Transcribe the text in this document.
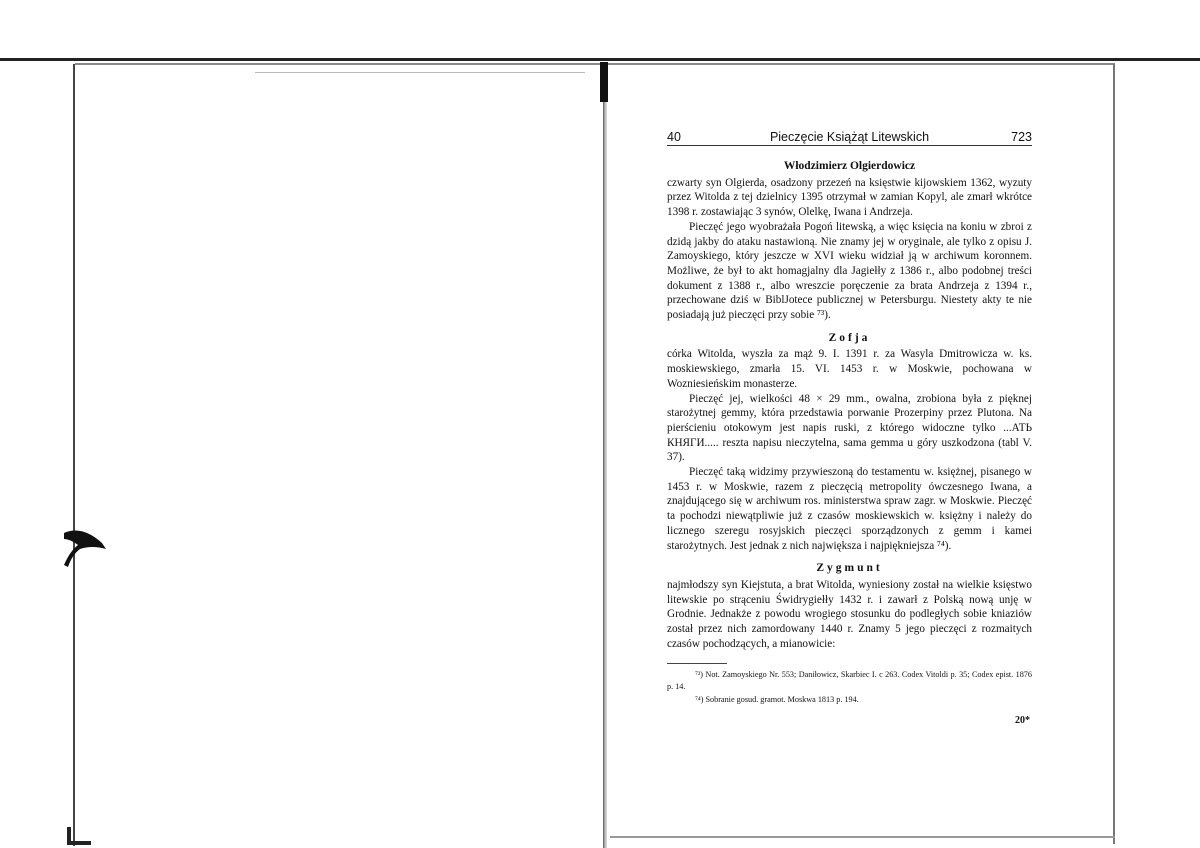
40	Pieczęcie Książąt Litewskich	723
Włodzimierz Olgierdowicz

czwarty syn Olgierda, osadzony przezeń na księstwie kijowskiem 1362, wyzuty przez Witolda z tej dzielnicy 1395 otrzymał w zamian Kopyl, ale zmarł wkrótce 1398 r. zostawiając 3 synów, Olelkę, Iwana i Andrzeja.

Pieczęć jego wyobrażała Pogoń litewską, a więc księcia na koniu w zbroi z dzidą jakby do ataku nastawioną. Nie znamy jej w oryginale, ale tylko z opisu J. Zamoyskiego, który jeszcze w XVI wieku widział ją w archiwum koronnem. Możliwe, że był to akt homagjalny dla Jagiełły z 1386 r., albo podobnej treści dokument z 1388 r., albo wreszcie poręczenie za brata Andrzeja z 1394 r., przechowane dziś w BiblJotece publicznej w Petersburgu. Niestety akty te nie posiadają już pieczęci przy sobie ⁷³).

Zofja

córka Witolda, wyszła za mąż 9. I. 1391 r. za Wasyla Dmitrowicza w. ks. moskiewskiego, zmarła 15. VI. 1453 r. w Moskwie, pochowana w Wozniesieńskim monasterze.

Pieczęć jej, wielkości 48 × 29 mm., owalna, zrobiona była z pięknej starożytnej gemmy, która przedstawia porwanie Prozerpiny przez Plutona. Na pierścieniu otokowym jest napis ruski, z którego widoczne tylko ...АТЬ КНЯГИ..... reszta napisu nieczytelna, sama gemma u góry uszkodzona (tabl V. 37).

Pieczęć taką widzimy przywieszoną do testamentu w. księżnej, pisanego w 1453 r. w Moskwie, razem z pieczęcią metropolity ówczesnego Iwana, a znajdującego się w archiwum ros. ministerstwa spraw zagr. w Moskwie. Pieczęć ta pochodzi niewątpliwie już z czasów moskiewskich w. księżny i należy do licznego szeregu rosyjskich pieczęci sporządzonych z gemm i kamei starożytnych. Jest jednak z nich największa i najpiękniejsza ⁷⁴).

Zygmunt

najmłodszy syn Kiejstuta, a brat Witolda, wyniesiony został na wielkie księstwo litewskie po strąceniu Świdrygiełły 1432 r. i zawarł z Polską nową unję w Grodnie. Jednakże z powodu wrogiego stosunku do podległych sobie kniaziów został przez nich zamordowany 1440 r. Znamy 5 jego pieczęci z rozmaitych czasów pochodzących, a mianowicie:

⁷³) Not. Zamoyskiego Nr. 553; Daniłowicz, Skarbiec I. c 263. Codex Vitoldi p. 35; Codex epist. 1876 p. 14.

⁷⁴) Sobranie gosud. gramot. Moskwa 1813 p. 194.

20*
